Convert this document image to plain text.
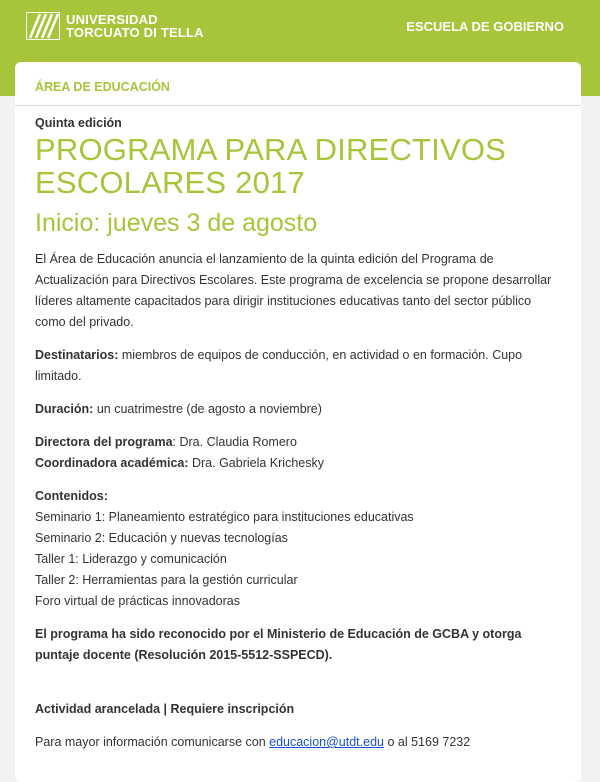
UNIVERSIDAD
TORCUATO DI TELLA	ESCUELA DE GOBIERNO
ÁREA DE EDUCACIÓN

Quinta edición

PROGRAMA PARA DIRECTIVOS
ESCOLARES 2017
Inicio: jueves 3 de agosto

El Área de Educación anuncia el lanzamiento de la quinta edición del Programa de Actualización para Directivos Escolares. Este programa de excelencia se propone desarrollar líderes altamente capacitados para dirigir instituciones educativas tanto del sector público como del privado.

Destinatarios: miembros de equipos de conducción, en actividad o en formación. Cupo limitado.

Duración: un cuatrimestre (de agosto a noviembre)

Directora del programa: Dra. Claudia Romero

Coordinadora académica: Dra. Gabriela Krichesky

Contenidos:

Seminario 1: Planeamiento estratégico para instituciones educativas
Seminario 2: Educación y nuevas tecnologías
Taller 1: Liderazgo y comunicación
Taller 2: Herramientas para la gestión curricular
Foro virtual de prácticas innovadoras

El programa ha sido reconocido por el Ministerio de Educación de GCBA y otorga puntaje docente (Resolución 2015-5512-SSPECD).

Actividad arancelada | Requiere inscripción

Para mayor información comunicarse con educacion@utdt.edu o al 5169 7232
